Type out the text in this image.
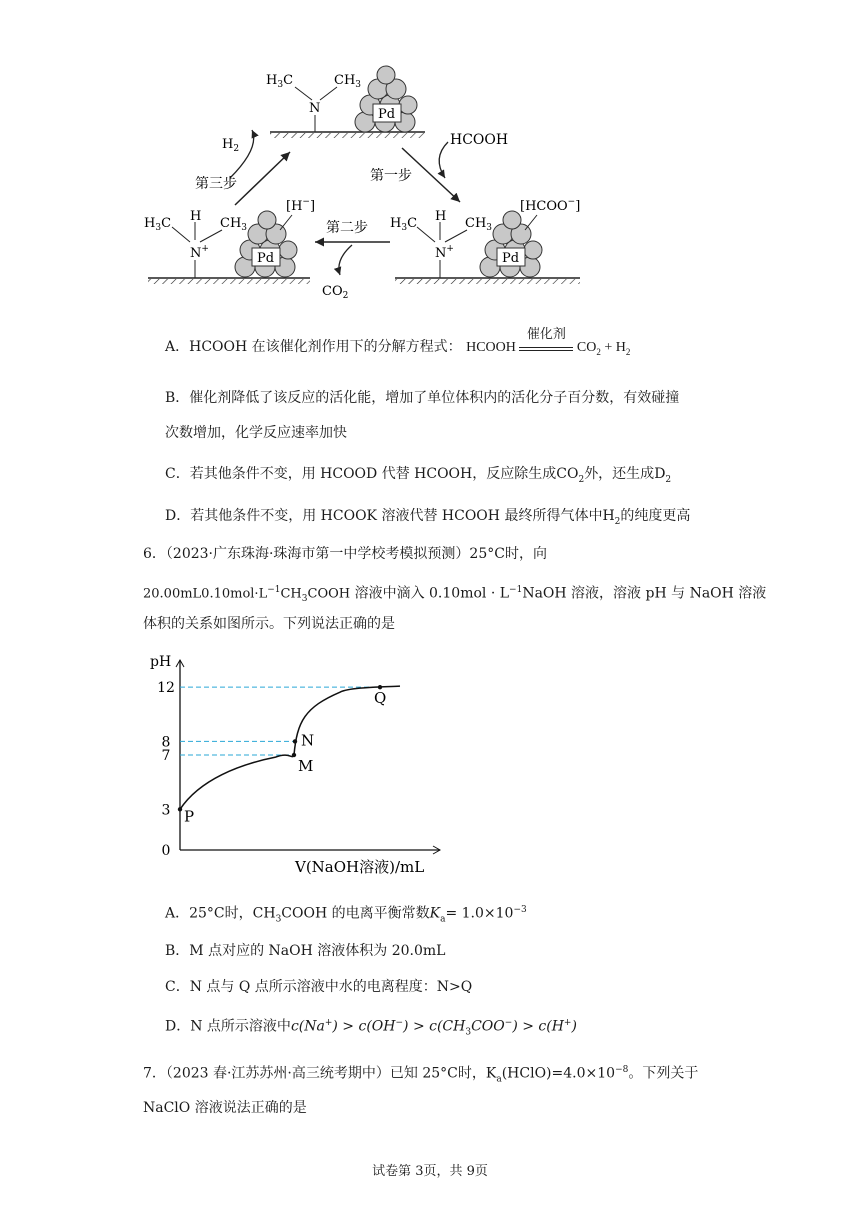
$H_3C$	$CH_3$
N	Pd
$H_2$
第三步
HCOOH
第一步
$H_3C$ H $CH_3$
N+
Pd
[H−]
第二步
$CO_2$
$H_3C$ H $CH_3$
N+
Pd
[HCOO−]
A．HCOOH 在该催化剂作用下的分解方程式： HCOOH
催化剂
$CO_2 + H_2$
B．催化剂降低了该反应的活化能，增加了单位体积内的活化分子百分数，有效碰撞
次数增加，化学反应速率加快
C．若其他条件不变，用 HCOOD 代替 HCOOH，反应除生成$CO_2$外，还生成$D_2$
D．若其他条件不变，用 HCOOK 溶液代替 HCOOH 最终所得气体中$H_2$的纯度更高
6．（2023·广东珠海·珠海市第一中学校考模拟预测）25°C时，向
$20.00mL0.10mol\cdot L^{-1}CH_3COOH$ 溶液中滴入 $0.10mol \cdot L^{-1}NaOH$ 溶液，溶液 pH 与 NaOH 溶液
体积的关系如图所示。下列说法正确的是
P
M
N
Q
0
3
7
8
12
pH
V(NaOH溶液)/mL
A．25°C时，$CH_3COOH$ 的电离平衡常数$K_a= 1.0\times 10^{-3}$
B．M 点对应的 NaOH 溶液体积为 20.0mL
C．N 点与 Q 点所示溶液中水的电离程度：N>Q
D．N 点所示溶液中$c(Na^+) > c(OH^-) > c(CH_3COO^-) > c(H^+)$
7．（2023 春·江苏苏州·高三统考期中）已知 25°C时，$K_a(HClO)=4.0\times 10^{-8}$。下列关于
NaClO 溶液说法正确的是
试卷第 3页，共 9页
